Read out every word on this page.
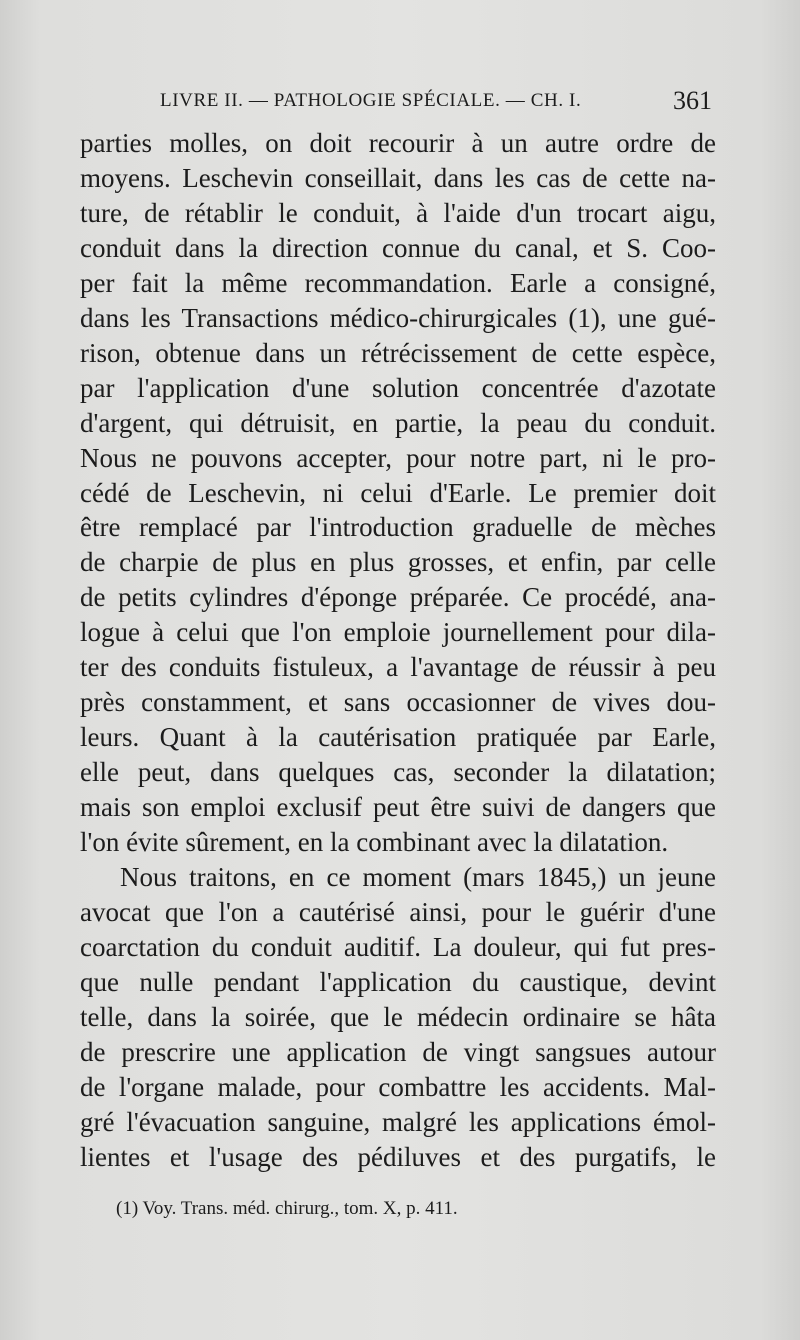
LIVRE II. — PATHOLOGIE SPÉCIALE. — CH. I.	361
parties molles, on doit recourir à un autre ordre de
moyens. Leschevin conseillait, dans les cas de cette na-
ture, de rétablir le conduit, à l'aide d'un trocart aigu,
conduit dans la direction connue du canal, et S. Coo-
per fait la même recommandation. Earle a consigné,
dans les Transactions médico-chirurgicales (1), une gué-
rison, obtenue dans un rétrécissement de cette espèce,
par l'application d'une solution concentrée d'azotate
d'argent, qui détruisit, en partie, la peau du conduit.
Nous ne pouvons accepter, pour notre part, ni le pro-
cédé de Leschevin, ni celui d'Earle. Le premier doit
être remplacé par l'introduction graduelle de mèches
de charpie de plus en plus grosses, et enfin, par celle
de petits cylindres d'éponge préparée. Ce procédé, ana-
logue à celui que l'on emploie journellement pour dila-
ter des conduits fistuleux, a l'avantage de réussir à peu
près constamment, et sans occasionner de vives dou-
leurs. Quant à la cautérisation pratiquée par Earle,
elle peut, dans quelques cas, seconder la dilatation;
mais son emploi exclusif peut être suivi de dangers que
l'on évite sûrement, en la combinant avec la dilatation.
Nous traitons, en ce moment (mars 1845,) un jeune
avocat que l'on a cautérisé ainsi, pour le guérir d'une
coarctation du conduit auditif. La douleur, qui fut pres-
que nulle pendant l'application du caustique, devint
telle, dans la soirée, que le médecin ordinaire se hâta
de prescrire une application de vingt sangsues autour
de l'organe malade, pour combattre les accidents. Mal-
gré l'évacuation sanguine, malgré les applications émol-
lientes et l'usage des pédiluves et des purgatifs, le
(1) Voy. Trans. méd. chirurg., tom. X, p. 411.
